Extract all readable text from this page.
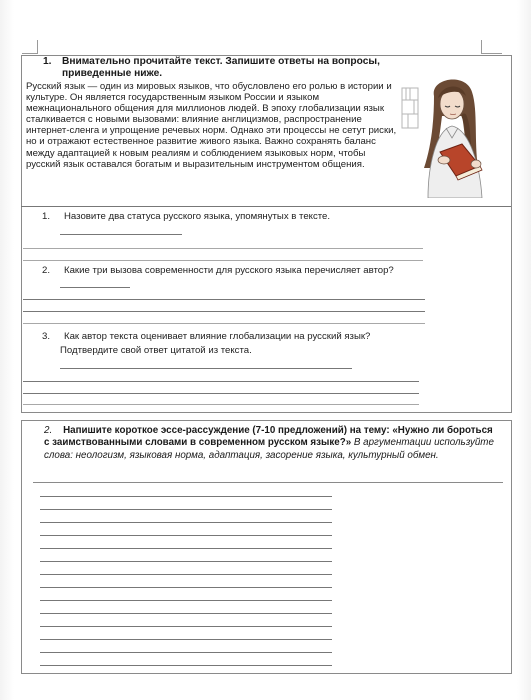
1. Внимательно прочитайте текст. Запишите ответы на вопросы,
приведенные ниже.
Русский язык — один из мировых языков, что обусловлено его ролью в истории и культуре. Он является государственным языком России и языком межнационального общения для миллионов людей. В эпоху глобализации язык сталкивается с новыми вызовами: влияние англицизмов, распространение интернет-сленга и упрощение речевых норм. Однако эти процессы не сетут риски, но и отражают естественное развитие живого языка. Важно сохранять баланс между адаптацией к новым реалиям и соблюдением языковых норм, чтобы русский язык оставался богатым и выразительным инструментом общения.
1. Назовите два статуса русского языка, упомянутых в тексте.
2. Какие три вызова современности для русского языка перечисляет автор?
3. Как автор текста оценивает влияние глобализации на русский язык?
Подтвердите свой ответ цитатой из текста.
2. Напишите короткое эссе-рассуждение (7-10 предложений) на тему: «Нужно ли бороться с заимствованными словами в современном русском языке?» В аргументации используйте слова: неологизм, языковая норма, адаптация, засорение языка, культурный обмен.
